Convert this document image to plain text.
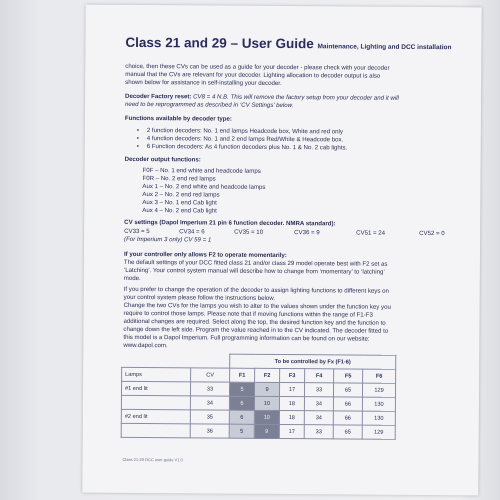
Class 21 and 29 – User Guide Maintenance, Lighting and DCC installation
choice, then these CVs can be used as a guide for your decoder - please check with your decoder
manual that the CVs are relevant for your decoder. Lighting allocation to decoder output is also
shown below for assistance in self-installing your decoder.
Decoder Factory reset: CV8 = 4 N.B. This will remove the factory setup from your decoder and it will
need to be reprogrammed as described in ‘CV Settings’ below.
Functions available by decoder type:
• 2 function decoders: No. 1 end lamps Headcode box, White and red only
• 4 function decoders: No. 1 and 2 end lamps Red/White & Headcode box.
• 6 Function decoders: As 4 function decoders plus No. 1 & No. 2 cab lights.
Decoder output functions:
F0F – No. 1 end white and headcode lamps
F0R – No. 2 end red lamps
Aux 1 – No. 2 end white and headcode lamps
Aux 2 – No. 2 end red lamps
Aux 3 – No. 1 end Cab light
Aux 4 – No. 2 end Cab light
CV settings (Dapol Imperium 21 pin 6 function decoder. NMRA standard):
CV33 = 5	CV34 = 6	CV35 = 10	CV36 = 9	CV51 = 24	CV52 = 0
(For Imperium 3 only) CV 59 = 1
If your controller only allows F2 to operate momentarily:
The default settings of your DCC fitted class 21 and/or class 29 model operate best with F2 set as
‘Latching’. Your control system manual will describe how to change from ‘momentary’ to ‘latching’
mode.
If you prefer to change the operation of the decoder to assign lighting functions to different keys on
your control system please follow the instructions below.
Change the two CVs for the lamps you wish to alter to the values shown under the function key you
require to control those lamps. Please note that if moving functions within the range of F1-F3
additional changes are required. Select along the top, the desired function key and the function to
change down the left side. Program the value reached in to the CV indicated. The decoder fitted to
this model is a Dapol Imperium. Full programming information can be found on our website:
www.dapol.com.
		To be controlled by Fx (F1-6)					
Lamps	CV	F1	F2	F3	F4	F5	F6
#1 end lit	33	5	9	17	33	65	129
	34	6	10	18	34	66	130
#2 end lit	35	6	10	18	34	66	130
	36	5	9	17	33	65	129
Class 21-29 DCC user guide V1.0
